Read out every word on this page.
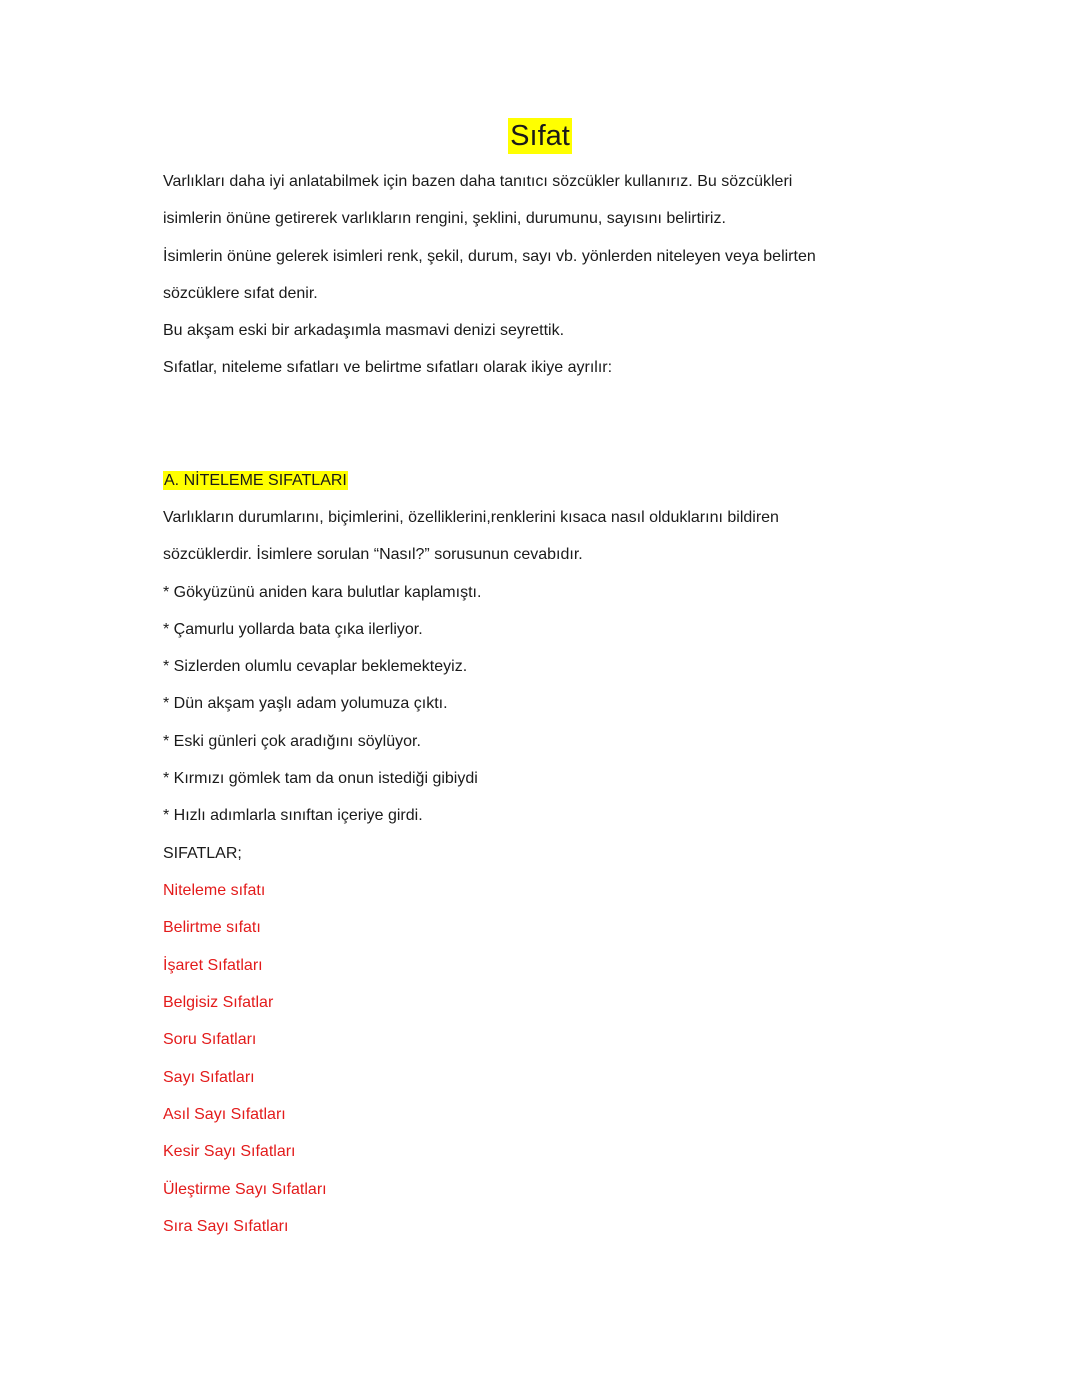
Sıfat
Varlıkları daha iyi anlatabilmek için bazen daha tanıtıcı sözcükler kullanırız. Bu sözcükleri
isimlerin önüne getirerek varlıkların rengini, şeklini, durumunu, sayısını belirtiriz.
İsimlerin önüne gelerek isimleri renk, şekil, durum, sayı vb. yönlerden niteleyen veya belirten
sözcüklere sıfat denir.
Bu akşam eski bir arkadaşımla masmavi denizi seyrettik.
Sıfatlar, niteleme sıfatları ve belirtme sıfatları olarak ikiye ayrılır:
A. NİTELEME SIFATLARI
Varlıkların durumlarını, biçimlerini, özelliklerini,renklerini kısaca nasıl olduklarını bildiren
sözcüklerdir. İsimlere sorulan “Nasıl?” sorusunun cevabıdır.
* Gökyüzünü aniden kara bulutlar kaplamıştı.
* Çamurlu yollarda bata çıka ilerliyor.
* Sizlerden olumlu cevaplar beklemekteyiz.
* Dün akşam yaşlı adam yolumuza çıktı.
* Eski günleri çok aradığını söylüyor.
* Kırmızı gömlek tam da onun istediği gibiydi
* Hızlı adımlarla sınıftan içeriye girdi.
SIFATLAR;
Niteleme sıfatı
Belirtme sıfatı
İşaret Sıfatları
Belgisiz Sıfatlar
Soru Sıfatları
Sayı Sıfatları
Asıl Sayı Sıfatları
Kesir Sayı Sıfatları
Üleştirme Sayı Sıfatları
Sıra Sayı Sıfatları
